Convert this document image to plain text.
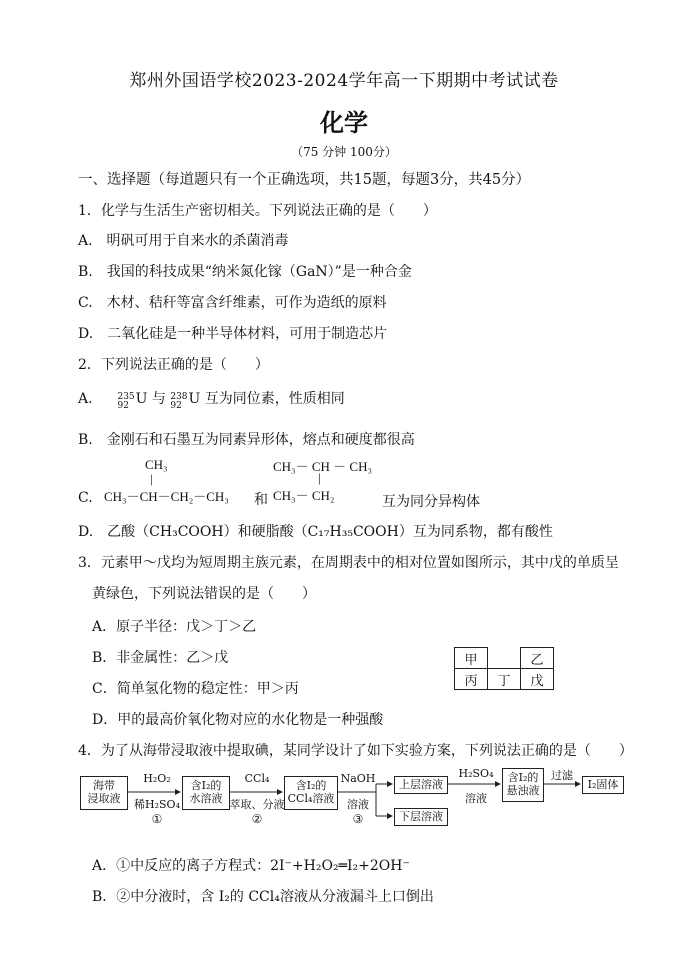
郑州外国语学校2023-2024学年高一下期期中考试试卷
化学
（75 分钟 100分）
一、选择题（每道题只有一个正确选项，共15题，每题3分，共45分）
1．化学与生活生产密切相关。下列说法正确的是（　　）
A.　明矾可用于自来水的杀菌消毒
B.　我国的科技成果“纳米氮化镓（GaN）”是一种合金
C.　木材、秸秆等富含纤维素，可作为造纸的原料
D.　二氧化硅是一种半导体材料，可用于制造芯片
2．下列说法正确的是（　　）
A.	235
92 U 与 238
92 U 互为同位素，性质相同
B.　金刚石和石墨互为同素异形体，熔点和硬度都很高
C.
CH₃
|
CH₃－CH－CH₂－CH₃ 和
CH₃－ CH － CH₃
|
CH₃－ CH₂	互为同分异构体
D.　乙酸（CH₃COOH）和硬脂酸（C₁₇H₃₅COOH）互为同系物，都有酸性
3．元素甲～戊均为短周期主族元素，在周期表中的相对位置如图所示，其中戊的单质呈
黄绿色，下列说法错误的是（　　）
A．原子半径：戊＞丁＞乙
B．非金属性：乙＞戊
C．简单氢化物的稳定性：甲＞丙
D．甲的最高价氧化物对应的水化物是一种强酸
甲		乙
丙	丁	戊
4．为了从海带浸取液中提取碘，某同学设计了如下实验方案，下列说法正确的是（　　）
海带
浸取液
H₂O₂
稀H₂SO₄
①
含I₂的
水溶液
CCl₄
萃取、分液
②
含I₂的
CCl₄溶液
NaOH
溶液
③
上层溶液
下层溶液
H₂SO₄
溶液
含I₂的
悬浊液
过滤
I₂固体
A．①中反应的离子方程式：2I⁻+H₂O₂═I₂+2OH⁻
B．②中分液时，含 I₂的 CCl₄溶液从分液漏斗上口倒出
